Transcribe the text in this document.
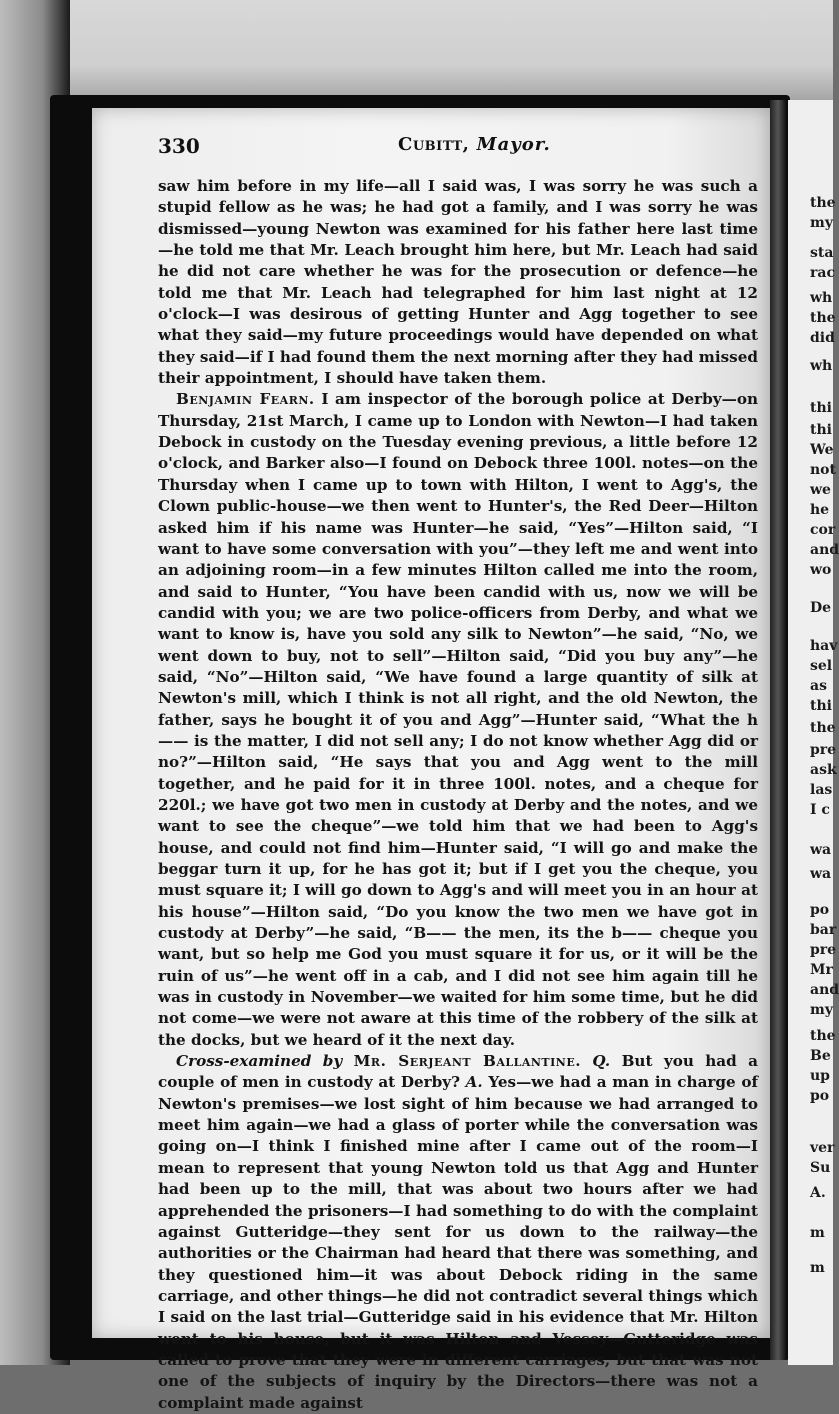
330	Cubitt, Mayor.

saw him before in my life—all I said was, I was sorry he was such a stupid fellow as he was; he had got a family, and I was sorry he was dismissed—young Newton was examined for his father here last time—he told me that Mr. Leach brought him here, but Mr. Leach had said he did not care whether he was for the prosecution or defence—he told me that Mr. Leach had telegraphed for him last night at 12 o'clock—I was desirous of getting Hunter and Agg together to see what they said—my future proceedings would have depended on what they said—if I had found them the next morning after they had missed their appointment, I should have taken them.

Benjamin Fearn. I am inspector of the borough police at Derby—on Thursday, 21st March, I came up to London with Newton—I had taken Debock in custody on the Tuesday evening previous, a little before 12 o'clock, and Barker also—I found on Debock three 100l. notes—on the Thursday when I came up to town with Hilton, I went to Agg's, the Clown public-house—we then went to Hunter's, the Red Deer—Hilton asked him if his name was Hunter—he said, “Yes”—Hilton said, “I want to have some conversation with you”—they left me and went into an adjoining room—in a few minutes Hilton called me into the room, and said to Hunter, “You have been candid with us, now we will be candid with you; we are two police-officers from Derby, and what we want to know is, have you sold any silk to Newton”—he said, “No, we went down to buy, not to sell”—Hilton said, “Did you buy any”—he said, “No”—Hilton said, “We have found a large quantity of silk at Newton's mill, which I think is not all right, and the old Newton, the father, says he bought it of you and Agg”—Hunter said, “What the h—— is the matter, I did not sell any; I do not know whether Agg did or no?”—Hilton said, “He says that you and Agg went to the mill together, and he paid for it in three 100l. notes, and a cheque for 220l.; we have got two men in custody at Derby and the notes, and we want to see the cheque”—we told him that we had been to Agg's house, and could not find him—Hunter said, “I will go and make the beggar turn it up, for he has got it; but if I get you the cheque, you must square it; I will go down to Agg's and will meet you in an hour at his house”—Hilton said, “Do you know the two men we have got in custody at Derby”—he said, “B—— the men, its the b—— cheque you want, but so help me God you must square it for us, or it will be the ruin of us”—he went off in a cab, and I did not see him again till he was in custody in November—we waited for him some time, but he did not come—we were not aware at this time of the robbery of the silk at the docks, but we heard of it the next day.

Cross-examined by Mr. Serjeant Ballantine. Q. But you had a couple of men in custody at Derby? A. Yes—we had a man in charge of Newton's premises—we lost sight of him because we had arranged to meet him again—we had a glass of porter while the conversation was going on—I think I finished mine after I came out of the room—I mean to represent that young Newton told us that Agg and Hunter had been up to the mill, that was about two hours after we had apprehended the prisoners—I had something to do with the complaint against Gutteridge—they sent for us down to the railway—the authorities or the Chairman had heard that there was something, and they questioned him—it was about Debock riding in the same carriage, and other things—he did not contradict several things which I said on the last trial—Gutteridge said in his evidence that Mr. Hilton went to his house, but it was Hilton and Vessey—Gutteridge was called to prove that they were in different carriages, but that was not one of the subjects of inquiry by the Directors—there was not a complaint made against

the
my
sta
rac
wh
the
did
wh
thi
thi
We
not
we
he
cor
and
wo
De
hav
sel
as
thi
the
pre
ask
las
I c
wa
wa
po
bar
pre
Mr
and
my
the
Be
up
po
ver
Su
A.
m
m
